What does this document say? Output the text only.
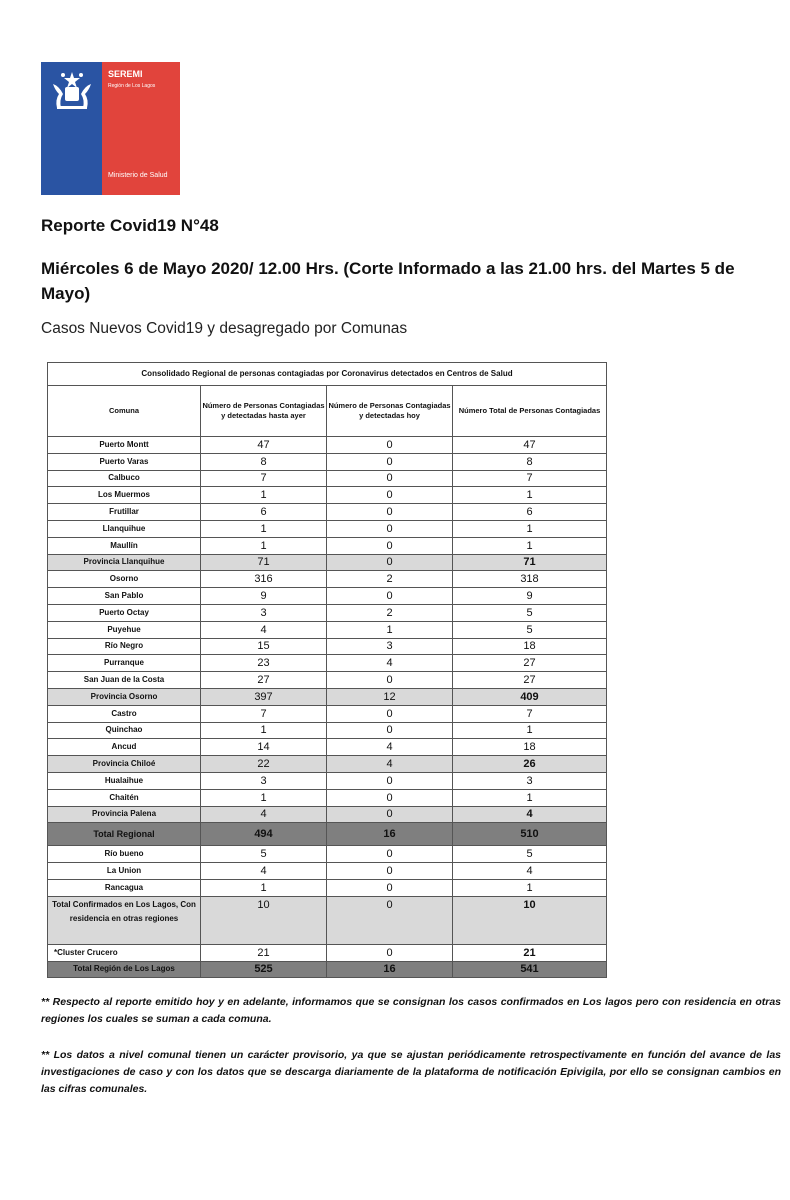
SEREMI
Región de Los Lagos
Ministerio de Salud
Reporte Covid19 N°48
Miércoles 6 de Mayo 2020/ 12.00 Hrs. (Corte Informado a las 21.00 hrs. del Martes 5 de Mayo)
Casos Nuevos Covid19 y desagregado por Comunas
Consolidado Regional de personas contagiadas por Coronavirus detectados en Centros de Salud			
Comuna	Número de Personas Contagiadas y detectadas hasta ayer	Número de Personas Contagiadas y detectadas hoy	Número Total de Personas Contagiadas
Puerto Montt	47	0	47
Puerto Varas	8	0	8
Calbuco	7	0	7
Los Muermos	1	0	1
Frutillar	6	0	6
Llanquihue	1	0	1
Maullín	1	0	1
Provincia Llanquihue	71	0	71
Osorno	316	2	318
San Pablo	9	0	9
Puerto Octay	3	2	5
Puyehue	4	1	5
Río Negro	15	3	18
Purranque	23	4	27
San Juan de la Costa	27	0	27
Provincia Osorno	397	12	409
Castro	7	0	7
Quinchao	1	0	1
Ancud	14	4	18
Provincia Chiloé	22	4	26
Hualaihue	3	0	3
Chaitén	1	0	1
Provincia Palena	4	0	4
Total Regional	494	16	510
Río bueno	5	0	5
La Union	4	0	4
Rancagua	1	0	1
Total Confirmados en Los Lagos, Con residencia en otras regiones	10	0	10
*Cluster Crucero	21	0	21
Total Región de Los Lagos	525	16	541
** Respecto al reporte emitido hoy y en adelante, informamos que se consignan los casos confirmados en Los lagos pero con residencia en otras regiones los cuales se suman a cada comuna.
** Los datos a nivel comunal tienen un carácter provisorio, ya que se ajustan periódicamente retrospectivamente en función del avance de las investigaciones de caso y con los datos que se descarga diariamente de la plataforma de notificación Epivigila, por ello se consignan cambios en las cifras comunales.
